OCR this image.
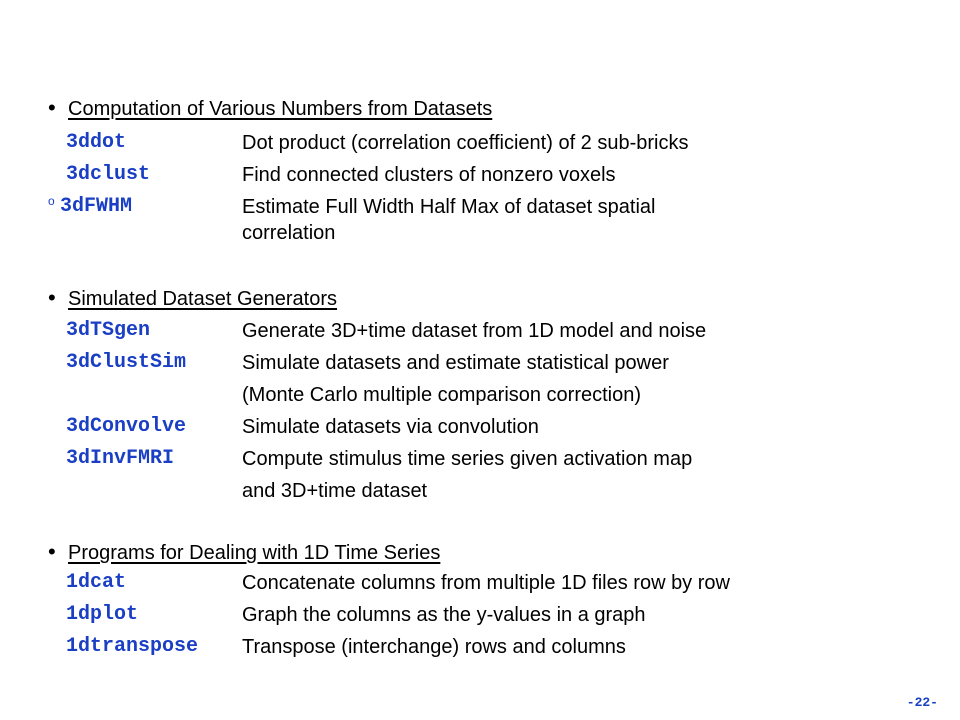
• Computation of Various Numbers from Datasets
3ddot	Dot product (correlation coefficient) of 2 sub-bricks
3dclust	Find connected clusters of nonzero voxels
o 3dFWHM	Estimate Full Width Half Max of dataset spatial
correlation
• Simulated Dataset Generators
3dTSgen	Generate 3D+time dataset from 1D model and noise
3dClustSim	Simulate datasets and estimate statistical power
(Monte Carlo multiple comparison correction)
3dConvolve	Simulate datasets via convolution
3dInvFMRI	Compute stimulus time series given activation map
and 3D+time dataset
• Programs for Dealing with 1D Time Series
1dcat	Concatenate columns from multiple 1D files row by row
1dplot	Graph the columns as the y-values in a graph
1dtranspose Transpose (interchange) rows and columns
-22-
